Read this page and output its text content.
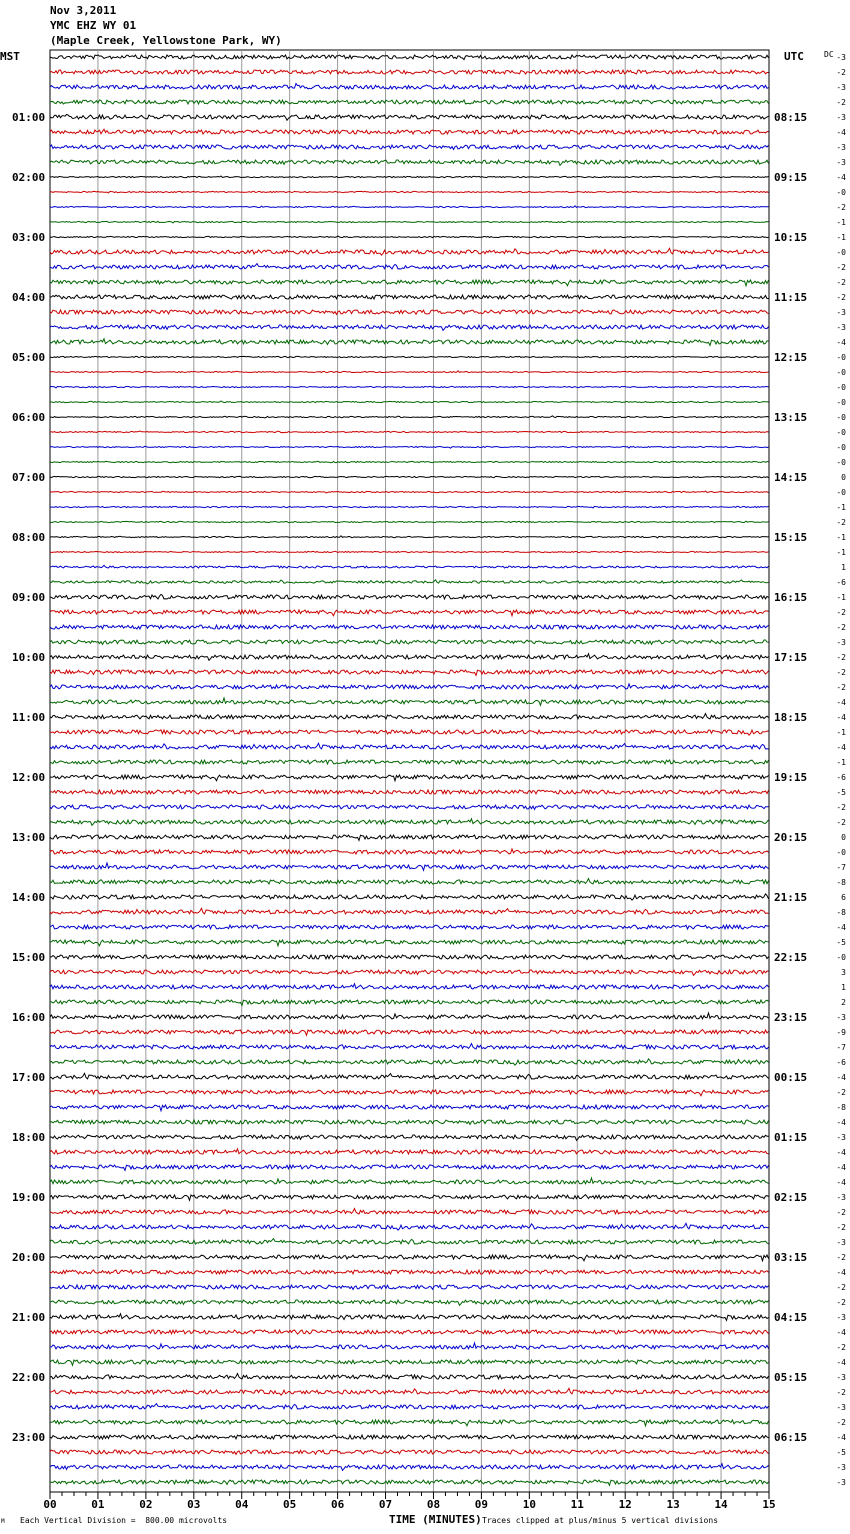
Nov 3,2011
YMC EHZ WY 01
(Maple Creek, Yellowstone Park, WY)
00	01	02	03	04	05	06	07	08	09	10	11	12	13	14	15
01:00
02:00
03:00
04:00
05:00
06:00
07:00
08:00
09:00
10:00
11:00
12:00
13:00
14:00
15:00
16:00
17:00
18:00
19:00
20:00
21:00
22:00
23:00
08:15
09:15
10:15
11:15
12:15
13:15
14:15
15:15
16:15
17:15
18:15
19:15
20:15
21:15
22:15
23:15
00:15
01:15
02:15
03:15
04:15
05:15
06:15
-3
-2
-3
-2
-3
-4
-3
-3
-4
-0
-2
-1
-1
-0
-2
-2
-2
-3
-3
-4
-0
-0
-0
-0
-0
-0
-0
-0
0
-0
-1
-2
-1
-1
1
-6
-1
-2
-2
-3
-2
-2
-2
-4
-4
-1
-4
-1
-6
-5
-2
-2
0
-0
-7
-8
6
-8
-4
-5
-0
3
1
2
-3
-9
-7
-6
-4
-2
-8
-4
-3
-4
-4
-4
-3
-2
-2
-3
-2
-4
-2
-2
-3
-4
-2
-4
-3
-2
-3
-2
-4
-5
-3
-3
MST	UTC	DC
TIME (MINUTES)
M Each Vertical Division =  800.00 microvolts	Traces clipped at plus/minus 5 vertical divisions
